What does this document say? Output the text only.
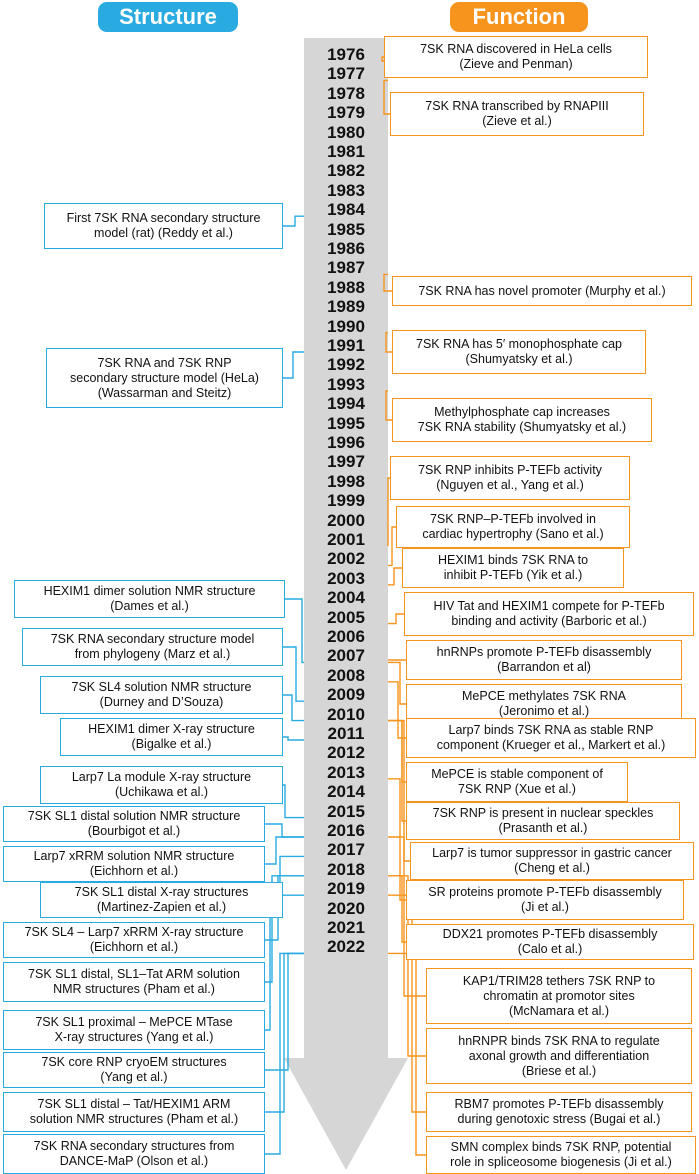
Structure	Function
1976
1977
1978
1979
1980
1981
1982
1983
1984
1985
1986
1987
1988
1989
1990
1991
1992
1993
1994
1995
1996
1997
1998
1999
2000
2001
2002
2003
2004
2005
2006
2007
2008
2009
2010
2011
2012
2013
2014
2015
2016
2017
2018
2019
2020
2021
2022
First 7SK RNA secondary structure
model (rat) (Reddy et al.)
7SK RNA and 7SK RNP
secondary structure model (HeLa)
(Wassarman and Steitz)
HEXIM1 dimer solution NMR structure
(Dames et al.)
7SK RNA secondary structure model
from phylogeny (Marz et al.)
7SK SL4 solution NMR structure
(Durney and D’Souza)
HEXIM1 dimer X-ray structure
(Bigalke et al.)
Larp7 La module X-ray structure
(Uchikawa et al.)
7SK SL1 distal solution NMR structure
(Bourbigot et al.)
Larp7 xRRM solution NMR structure
(Eichhorn et al.)
7SK SL1 distal X-ray structures
(Martinez-Zapien et al.)
7SK SL4 – Larp7 xRRM X-ray structure
(Eichhorn et al.)
7SK SL1 distal, SL1–Tat ARM solution
NMR structures (Pham et al.)
7SK SL1 proximal – MePCE MTase
X-ray structures (Yang et al.)
7SK core RNP cryoEM structures
(Yang et al.)
7SK SL1 distal – Tat/HEXIM1 ARM
solution NMR structures (Pham et al.)
7SK RNA secondary structures from
DANCE-MaP (Olson et al.)
7SK RNA discovered in HeLa cells
(Zieve and Penman)
7SK RNA transcribed by RNAPIII
(Zieve et al.)
7SK RNA has novel promoter (Murphy et al.)
7SK RNA has 5′ monophosphate cap
(Shumyatsky et al.)
Methylphosphate cap increases
7SK RNA stability (Shumyatsky et al.)
7SK RNP inhibits P-TEFb activity
(Nguyen et al., Yang et al.)
7SK RNP–P-TEFb involved in
cardiac hypertrophy (Sano et al.)
HEXIM1 binds 7SK RNA to
inhibit P-TEFb (Yik et al.)
HIV Tat and HEXIM1 compete for P-TEFb
binding and activity (Barboric et al.)
hnRNPs promote P-TEFb disassembly
(Barrandon et al)
MePCE methylates 7SK RNA
(Jeronimo et al.)
Larp7 binds 7SK RNA as stable RNP
component (Krueger et al., Markert et al.)
MePCE is stable component of
7SK RNP (Xue et al.)
7SK RNP is present in nuclear speckles
(Prasanth et al.)
Larp7 is tumor suppressor in gastric cancer
(Cheng et al.)
SR proteins promote P-TEFb disassembly
(Ji et al.)
DDX21 promotes P-TEFb disassembly
(Calo et al.)
KAP1/TRIM28 tethers 7SK RNP to
chromatin at promotor sites
(McNamara et al.)
hnRNPR binds 7SK RNA to regulate
axonal growth and differentiation
(Briese et al.)
RBM7 promotes P-TEFb disassembly
during genotoxic stress (Bugai et al.)
SMN complex binds 7SK RNP, potential
role in spliceosome biogenesis (Ji et al.)
